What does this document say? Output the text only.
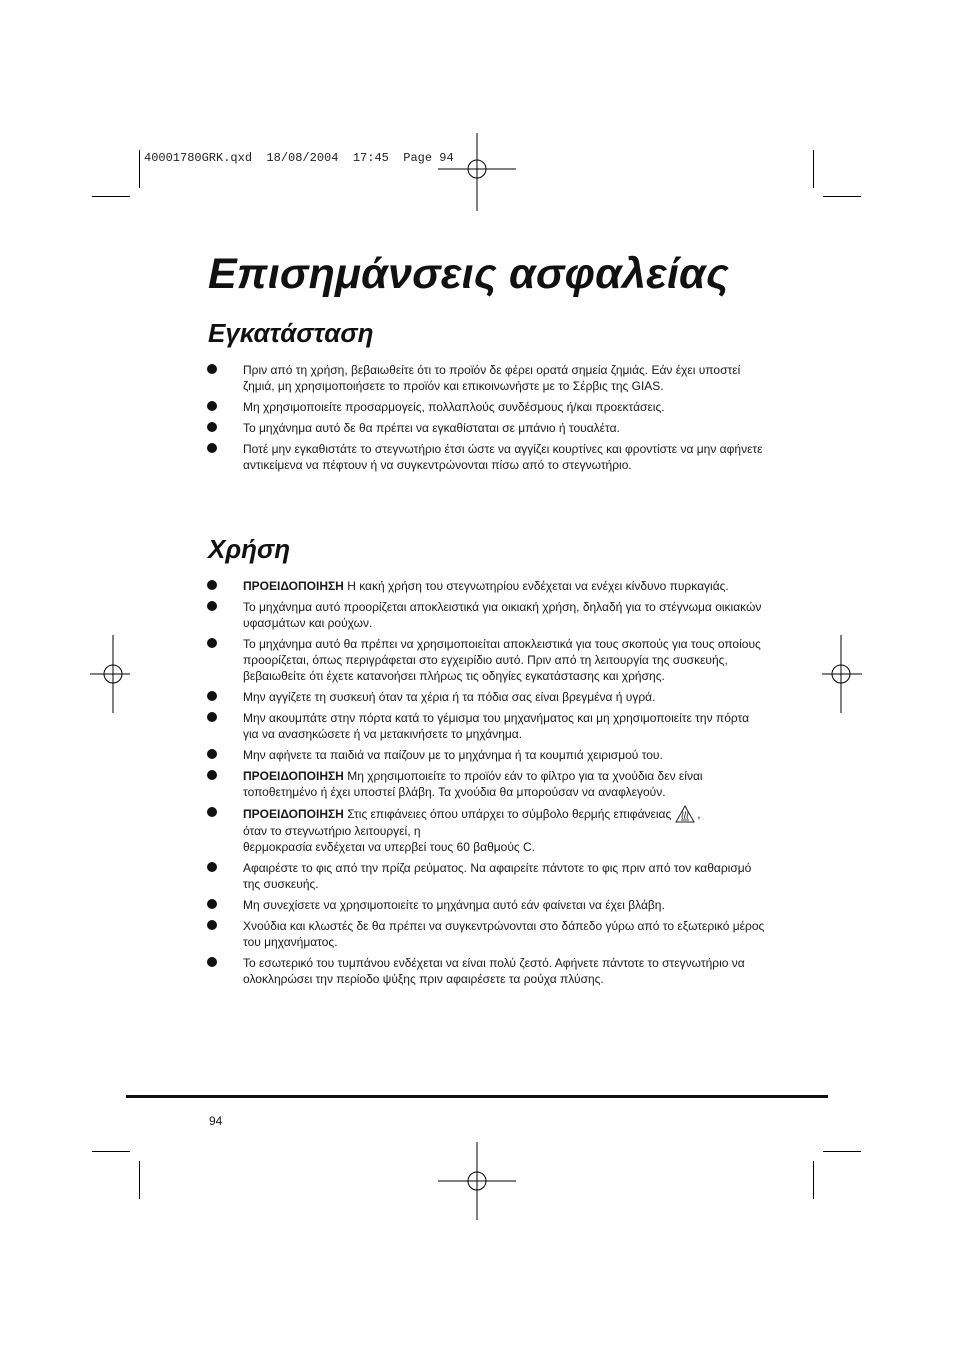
40001780GRK.qxd  18/08/2004  17:45  Page 94
Επισημάνσεις ασφαλείας
Εγκατάσταση
Πριν από τη χρήση, βεβαιωθείτε ότι το προϊόν δε φέρει ορατά σημεία ζημιάς. Εάν έχει υποστεί ζημιά, μη χρησιμοποιήσετε το προϊόν και επικοινωνήστε με το Σέρβις της GIAS.
Μη χρησιμοποιείτε προσαρμογείς, πολλαπλούς συνδέσμους ή/και προεκτάσεις.
Το μηχάνημα αυτό δε θα πρέπει να εγκαθίσταται σε μπάνιο ή τουαλέτα.
Ποτέ μην εγκαθιστάτε το στεγνωτήριο έτσι ώστε να αγγίζει κουρτίνες και φροντίστε να μην αφήνετε αντικείμενα να πέφτουν ή να συγκεντρώνονται πίσω από το στεγνωτήριο.
Χρήση
ΠΡΟΕΙΔΟΠΟΙΗΣΗ Η κακή χρήση του στεγνωτηρίου ενδέχεται να ενέχει κίνδυνο πυρκαγιάς.
Το μηχάνημα αυτό προορίζεται αποκλειστικά για οικιακή χρήση, δηλαδή για το στέγνωμα οικιακών υφασμάτων και ρούχων.
Το μηχάνημα αυτό θα πρέπει να χρησιμοποιείται αποκλειστικά για τους σκοπούς για τους οποίους προορίζεται, όπως περιγράφεται στο εγχειρίδιο αυτό. Πριν από τη λειτουργία της συσκευής, βεβαιωθείτε ότι έχετε κατανοήσει πλήρως τις οδηγίες εγκατάστασης και χρήσης.
Μην αγγίζετε τη συσκευή όταν τα χέρια ή τα πόδια σας είναι βρεγμένα ή υγρά.
Μην ακουμπάτε στην πόρτα κατά το γέμισμα του μηχανήματος και μη χρησιμοποιείτε την πόρτα για να ανασηκώσετε ή να μετακινήσετε το μηχάνημα.
Μην αφήνετε τα παιδιά να παίζουν με το μηχάνημα ή τα κουμπιά χειρισμού του.
ΠΡΟΕΙΔΟΠΟΙΗΣΗ Μη χρησιμοποιείτε το προϊόν εάν το φίλτρο για τα χνούδια δεν είναι τοποθετημένο ή έχει υποστεί βλάβη. Τα χνούδια θα μπορούσαν να αναφλεγούν.
ΠΡΟΕΙΔΟΠΟΙΗΣΗ Στις επιφάνειες όπου υπάρχει το σύμβολο θερμής επιφάνειας ,
όταν το στεγνωτήριο λειτουργεί, η
θερμοκρασία ενδέχεται να υπερβεί τους 60 βαθμούς C.
Αφαιρέστε το φις από την πρίζα ρεύματος. Να αφαιρείτε πάντοτε το φις πριν από τον καθαρισμό της συσκευής.
Μη συνεχίσετε να χρησιμοποιείτε το μηχάνημα αυτό εάν φαίνεται να έχει βλάβη.
Χνούδια και κλωστές δε θα πρέπει να συγκεντρώνονται στο δάπεδο γύρω από το εξωτερικό μέρος του μηχανήματος.
Το εσωτερικό του τυμπάνου ενδέχεται να είναι πολύ ζεστό. Αφήνετε πάντοτε το στεγνωτήριο να ολοκληρώσει την περίοδο ψύξης πριν αφαιρέσετε τα ρούχα πλύσης.
94
